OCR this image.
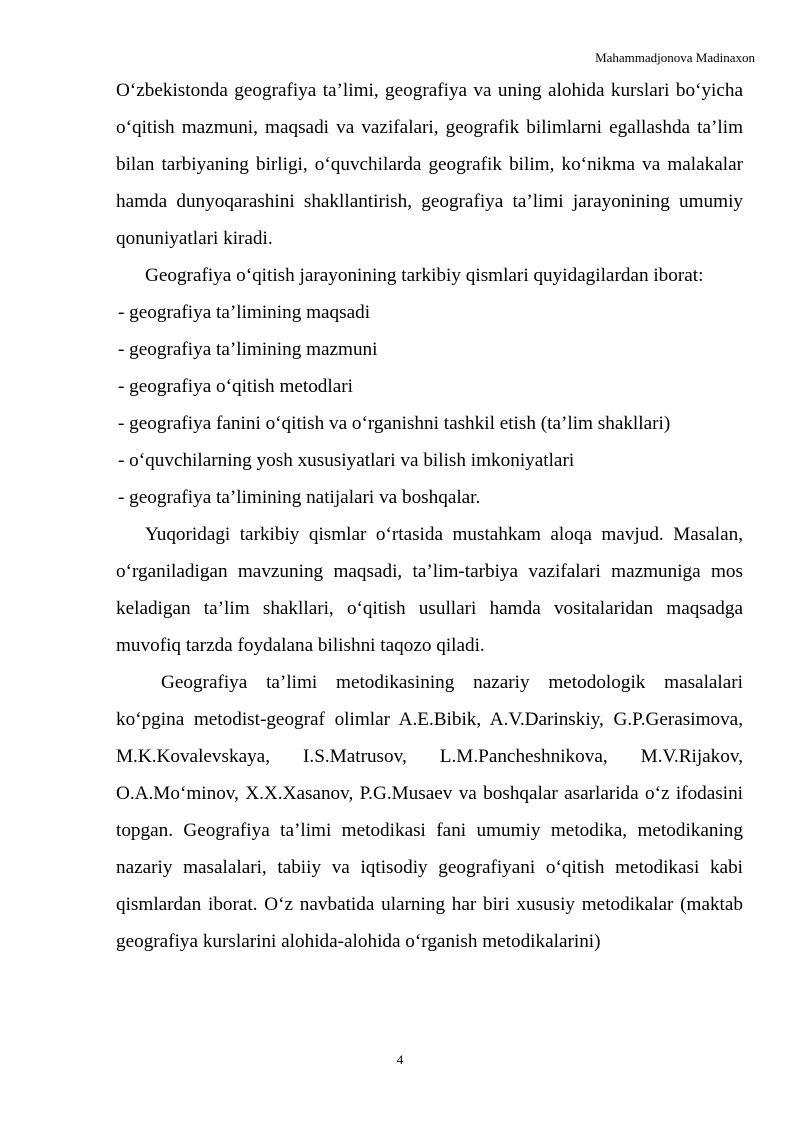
Mahammadjonova Madinaxon

O‘zbekistonda geografiya ta’limi, geografiya va uning alohida kurslari bo‘yicha o‘qitish mazmuni, maqsadi va vazifalari, geografik bilimlarni egallashda ta’lim bilan tarbiyaning birligi, o‘quvchilarda geografik bilim, ko‘nikma va malakalar hamda dunyoqarashini shakllantirish, geografiya ta’limi jarayonining umumiy qonuniyatlari kiradi.

Geografiya o‘qitish jarayonining tarkibiy qismlari quyidagilardan iborat:

- geografiya ta’limining maqsadi
- geografiya ta’limining mazmuni
- geografiya o‘qitish metodlari
- geografiya fanini o‘qitish va o‘rganishni tashkil etish (ta’lim shakllari)
- o‘quvchilarning yosh xususiyatlari va bilish imkoniyatlari
- geografiya ta’limining natijalari va boshqalar.

Yuqoridagi tarkibiy qismlar o‘rtasida mustahkam aloqa mavjud. Masalan, o‘rganiladigan mavzuning maqsadi, ta’lim-tarbiya vazifalari mazmuniga mos keladigan ta’lim shakllari, o‘qitish usullari hamda vositalaridan maqsadga muvofiq tarzda foydalana bilishni taqozo qiladi.

Geografiya ta’limi metodikasining nazariy metodologik masalalari ko‘pgina metodist-geograf olimlar A.E.Bibik, A.V.Darinskiy, G.P.Gerasimova, M.K.Kovalevskaya, I.S.Matrusov, L.M.Pancheshnikova, M.V.Rijakov, O.A.Mo‘minov, X.X.Xasanov, P.G.Musaev va boshqalar asarlarida o‘z ifodasini topgan. Geografiya ta’limi metodikasi fani umumiy metodika, metodikaning nazariy masalalari, tabiiy va iqtisodiy geografiyani o‘qitish metodikasi kabi qismlardan iborat. O‘z navbatida ularning har biri xususiy metodikalar (maktab geografiya kurslarini alohida-alohida o‘rganish metodikalarini)

4
